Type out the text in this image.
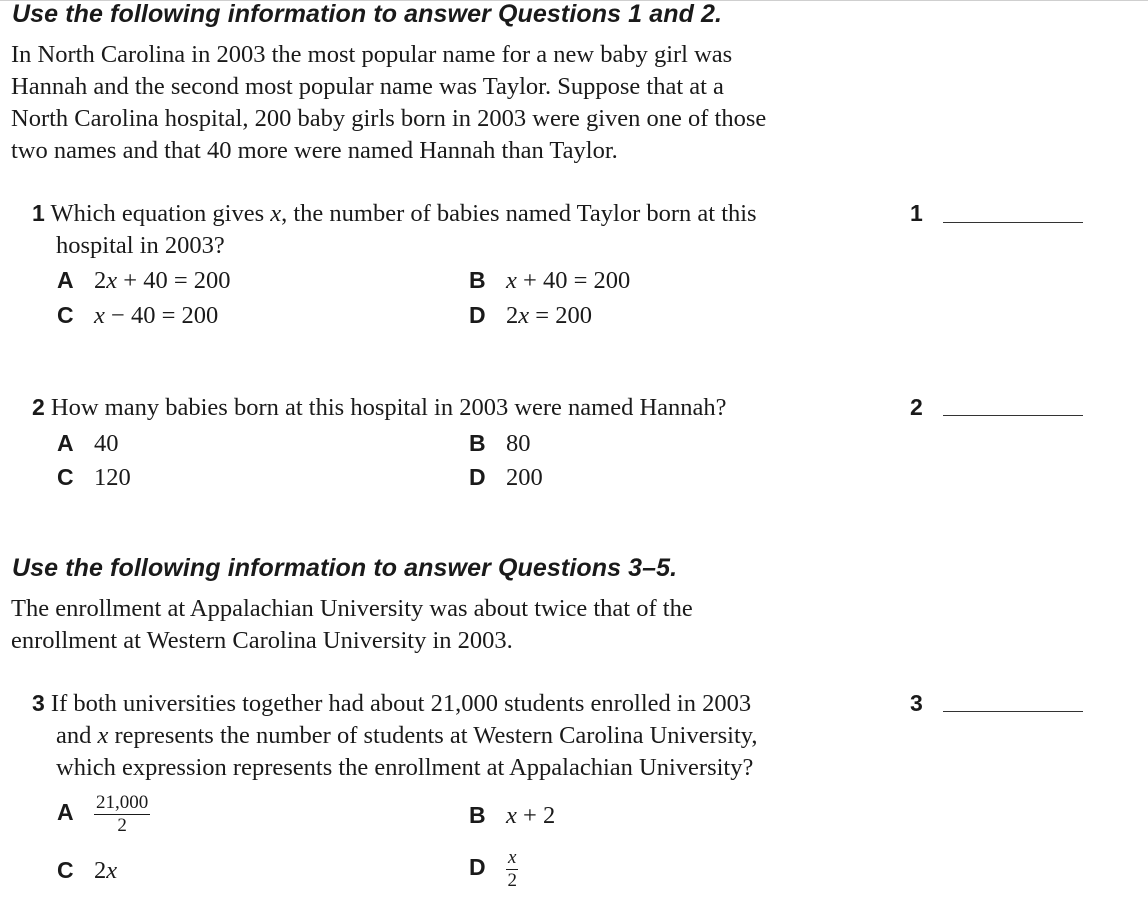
Use the following information to answer Questions 1 and 2.
In North Carolina in 2003 the most popular name for a new baby girl was
Hannah and the second most popular name was Taylor. Suppose that at a
North Carolina hospital, 200 baby girls born in 2003 were given one of those
two names and that 40 more were named Hannah than Taylor.
1 Which equation gives x, the number of babies named Taylor born at this
hospital in 2003?
1
A 2x + 40 = 200	B x + 40 = 200
C x − 40 = 200	D 2x = 200
2 How many babies born at this hospital in 2003 were named Hannah?	2
A 40	B 80
C 120	D 200
Use the following information to answer Questions 3–5.
The enrollment at Appalachian University was about twice that of the
enrollment at Western Carolina University in 2003.
3 If both universities together had about 21,000 students enrolled in 2003
and x represents the number of students at Western Carolina University,
which expression represents the enrollment at Appalachian University?
3
A $\frac{21,000}{2}$	B x + 2
C 2x	D $\frac{x}{2}$
